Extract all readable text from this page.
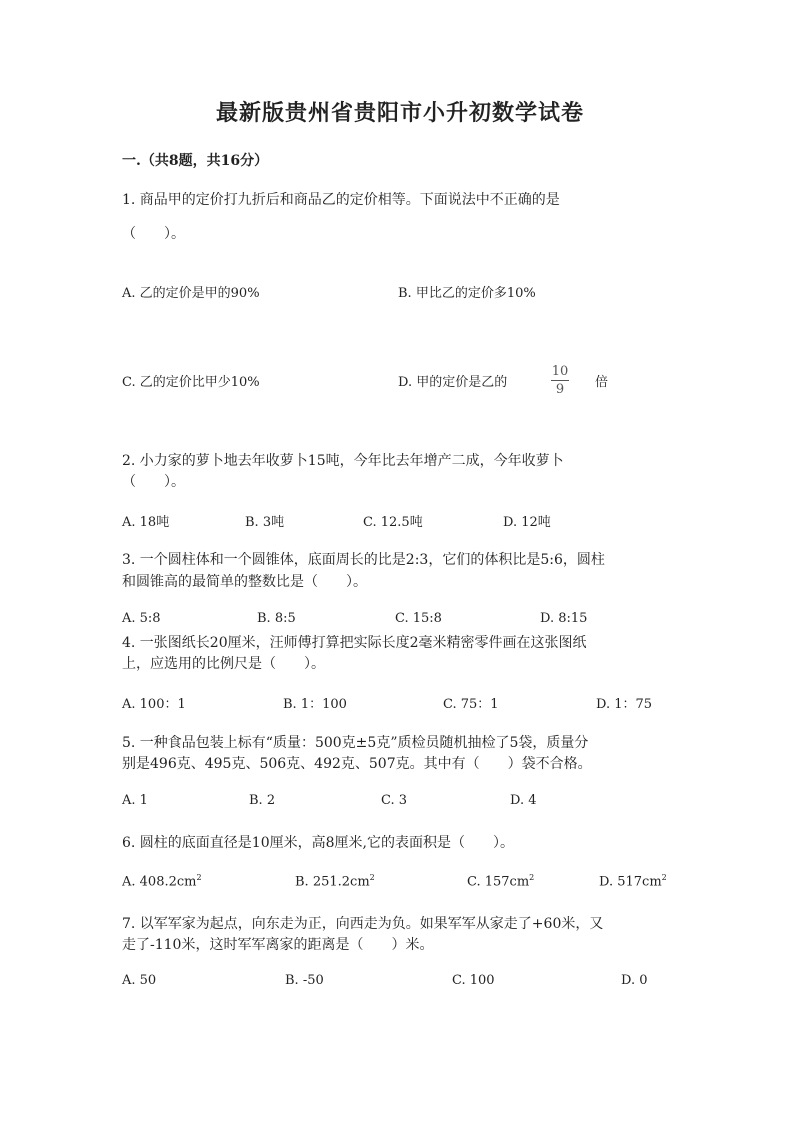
最新版贵州省贵阳市小升初数学试卷
一.（共8题，共16分）
1. 商品甲的定价打九折后和商品乙的定价相等。下面说法中不正确的是
（　　）。
A. 乙的定价是甲的90%	B. 甲比乙的定价多10%
C. 乙的定价比甲少10%	D. 甲的定价是乙的
10
9 倍
2. 小力家的萝卜地去年收萝卜15吨，今年比去年增产二成，今年收萝卜
（　　）。
A. 18吨	B. 3吨	C. 12.5吨	D. 12吨
3. 一个圆柱体和一个圆锥体，底面周长的比是2:3，它们的体积比是5:6，圆柱
和圆锥高的最简单的整数比是（　　）。
A. 5:8	B. 8:5	C. 15:8	D. 8:15
4. 一张图纸长20厘米，汪师傅打算把实际长度2毫米精密零件画在这张图纸
上，应选用的比例尺是（　　）。
A. 100：1	B. 1：100	C. 75：1	D. 1：75
5. 一种食品包装上标有“质量：500克±5克”质检员随机抽检了5袋，质量分
别是496克、495克、506克、492克、507克。其中有（　　）袋不合格。
A. 1	B. 2	C. 3	D. 4
6. 圆柱的底面直径是10厘米，高8厘米,它的表面积是（　　）。
A. $408.2cm^2$	B. $251.2cm^2$	C. $157cm^2$	D. $517cm^2$
7. 以军军家为起点，向东走为正，向西走为负。如果军军从家走了+60米，又
走了-110米，这时军军离家的距离是（　　）米。
A. 50	B. -50	C. 100	D. 0
